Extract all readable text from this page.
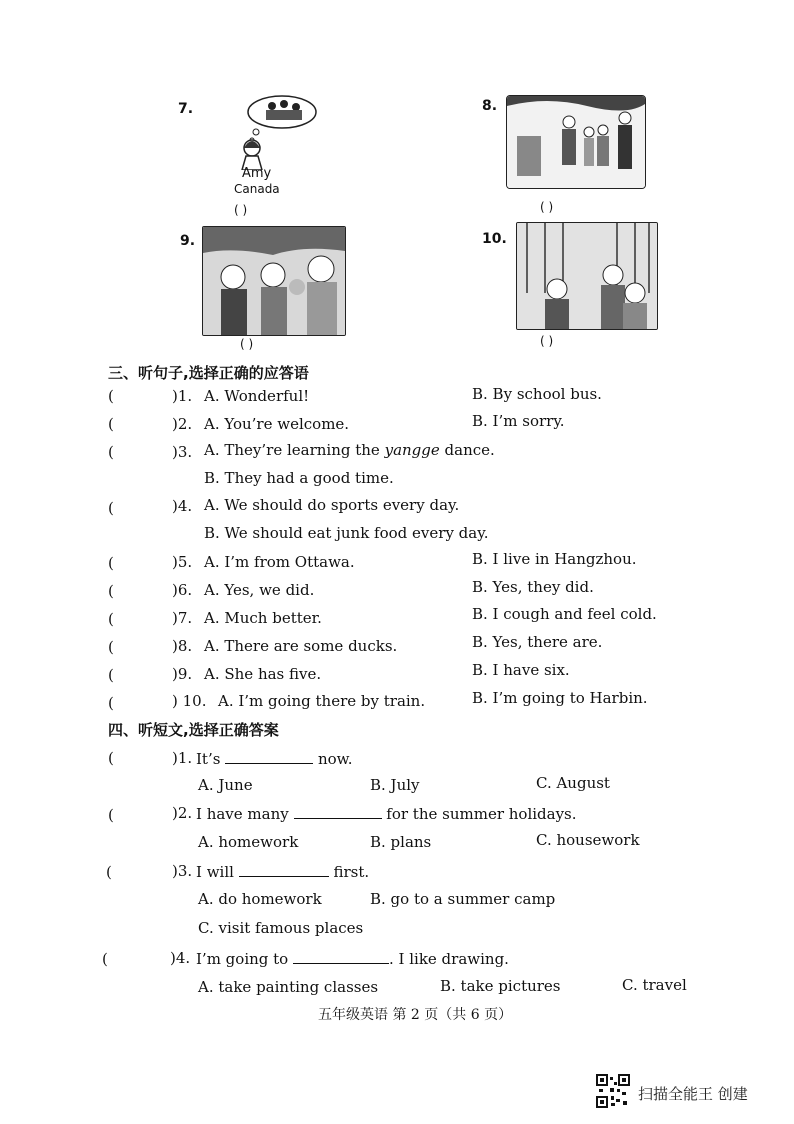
7.
Amy
Canada
( )
8.
( )
9.
( )
10.
( )
三、听句子,选择正确的应答语
(	)1. A. Wonderful!	B. By school bus.
(	)2. A. You’re welcome.	B. I’m sorry.
(	)3. A. They’re learning the yangge dance.
B. They had a good time.
(	)4. A. We should do sports every day.
B. We should eat junk food every day.
(	)5. A. I’m from Ottawa.	B. I live in Hangzhou.
(	)6. A. Yes, we did.	B. Yes, they did.
(	)7. A. Much better.	B. I cough and feel cold.
(	)8. A. There are some ducks.	B. Yes, there are.
(	)9. A. She has five.	B. I have six.
(	) 10. A. I’m going there by train.	B. I’m going to Harbin.
四、听短文,选择正确答案
(	)1. It’s	now.
A. June	B. July	C. August
(	)2. I have many	for the summer holidays.
A. homework	B. plans	C. housework
(	)3. I will	first.
A. do homework	B. go to a summer camp
C. visit famous places
(	)4. I’m going to	. I like drawing.
A. take painting classes	B. take pictures	C. travel
五年级英语 第 2 页（共 6 页）
扫描全能王 创建
